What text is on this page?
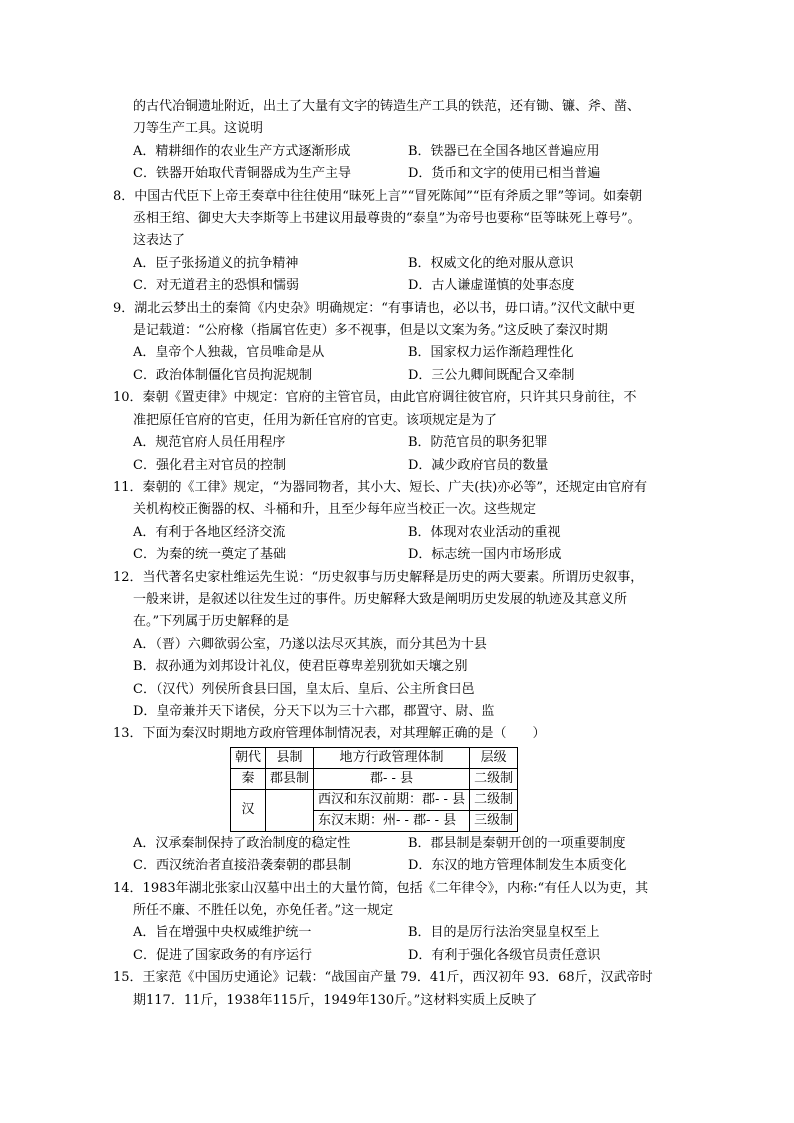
的古代冶铜遗址附近，出土了大量有文字的铸造生产工具的铁范，还有锄、镰、斧、凿、

刀等生产工具。这说明

A．精耕细作的农业生产方式逐渐形成	B．铁器已在全国各地区普遍应用
C．铁器开始取代青铜器成为生产主导	D．货币和文字的使用已相当普遍

8．中国古代臣下上帝王奏章中往往使用“昧死上言”“冒死陈闻”“臣有斧质之罪”等词。如秦朝

丞相王绾、御史大夫李斯等上书建议用最尊贵的“泰皇”为帝号也要称“臣等昧死上尊号”。

这表达了

A．臣子张扬道义的抗争精神	B．权威文化的绝对服从意识
C．对无道君主的恐惧和懦弱	D．古人谦虚谨慎的处事态度

9．湖北云梦出土的秦简《内史杂》明确规定：“有事请也，必以书，毋口请。”汉代文献中更

是记载道：“公府椽（指属官佐吏）多不视事，但是以文案为务。”这反映了秦汉时期

A．皇帝个人独裁，官员唯命是从	B．国家权力运作渐趋理性化
C．政治体制僵化官员拘泥规制	D．三公九卿间既配合又牵制

10．秦朝《置吏律》中规定：官府的主管官员，由此官府调往彼官府，只许其只身前往，不

准把原任官府的官吏，任用为新任官府的官吏。该项规定是为了

A．规范官府人员任用程序	B．防范官员的职务犯罪
C．强化君主对官员的控制	D．减少政府官员的数量

11．秦朝的《工律》规定，“为器同物者，其小大、短长、广夫(扶)亦必等”，还规定由官府有

关机构校正衡器的权、斗桶和升，且至少每年应当校正一次。这些规定

A．有利于各地区经济交流	B．体现对农业活动的重视
C．为秦的统一奠定了基础	D．标志统一国内市场形成

12．当代著名史家杜维运先生说：“历史叙事与历史解释是历史的两大要素。所谓历史叙事，

一般来讲，是叙述以往发生过的事件。历史解释大致是阐明历史发展的轨迹及其意义所

在。”下列属于历史解释的是

A．（晋）六卿欲弱公室，乃遂以法尽灭其族，而分其邑为十县
B．叔孙通为刘邦设计礼仪，使君臣尊卑差别犹如天壤之别
C．（汉代）列侯所食县曰国，皇太后、皇后、公主所食曰邑
D．皇帝兼并天下诸侯，分天下以为三十六郡，郡置守、尉、监

13．下面为秦汉时期地方政府管理体制情况表，对其理解正确的是（　　）

朝代	县制	地方行政管理体制	层级
秦	郡县制	郡- - 县	二级制
汉		西汉和东汉前期：郡- - 县	二级制
		东汉末期：州- - 郡- - 县	三级制
A．汉承秦制保持了政治制度的稳定性	B．郡县制是秦朝开创的一项重要制度
C．西汉统治者直接沿袭秦朝的郡县制	D．东汉的地方管理体制发生本质变化

14．1983年湖北张家山汉墓中出土的大量竹简，包括《二年律令》，内称:“有任人以为吏，其

所任不廉、不胜任以免，亦免任者。”这一规定

A．旨在增强中央权威维护统一	B．目的是厉行法治突显皇权至上
C．促进了国家政务的有序运行	D．有利于强化各级官员责任意识

15．王家范《中国历史通论》记载：“战国亩产量 79．41斤，西汉初年 93．68斤，汉武帝时

期117．11斤，1938年115斤，1949年130斤。”这材料实质上反映了
